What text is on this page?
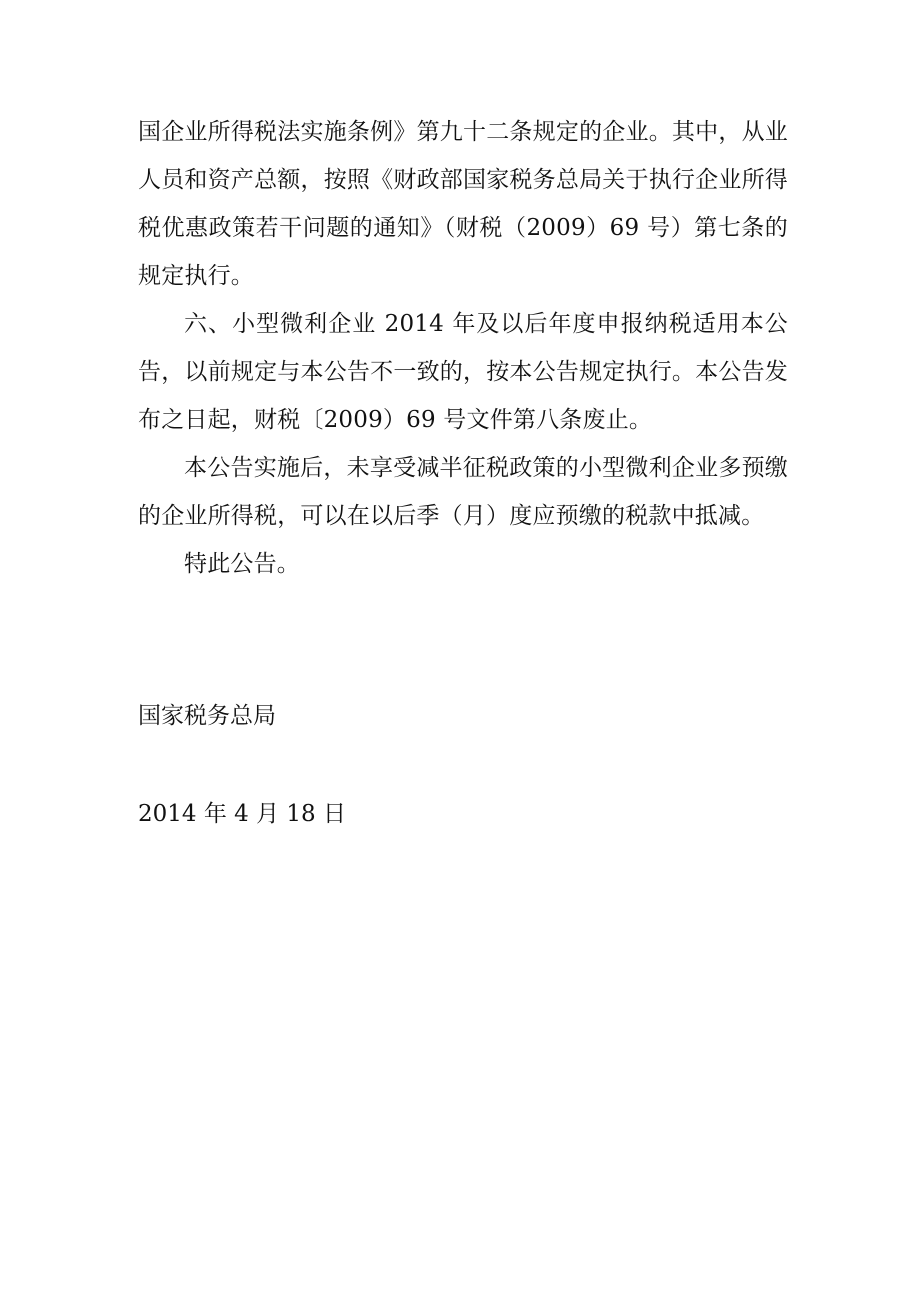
国企业所得税法实施条例》第九十二条规定的企业。其中，从业人员和资产总额，按照《财政部国家税务总局关于执行企业所得税优惠政策若干问题的通知》（财税（2009）69 号）第七条的规定执行。

六、小型微利企业 2014 年及以后年度申报纳税适用本公告，以前规定与本公告不一致的，按本公告规定执行。本公告发布之日起，财税〔2009）69 号文件第八条废止。

本公告实施后，未享受减半征税政策的小型微利企业多预缴的企业所得税，可以在以后季（月）度应预缴的税款中抵减。

特此公告。

国家税务总局
2014 年 4 月 18 日
